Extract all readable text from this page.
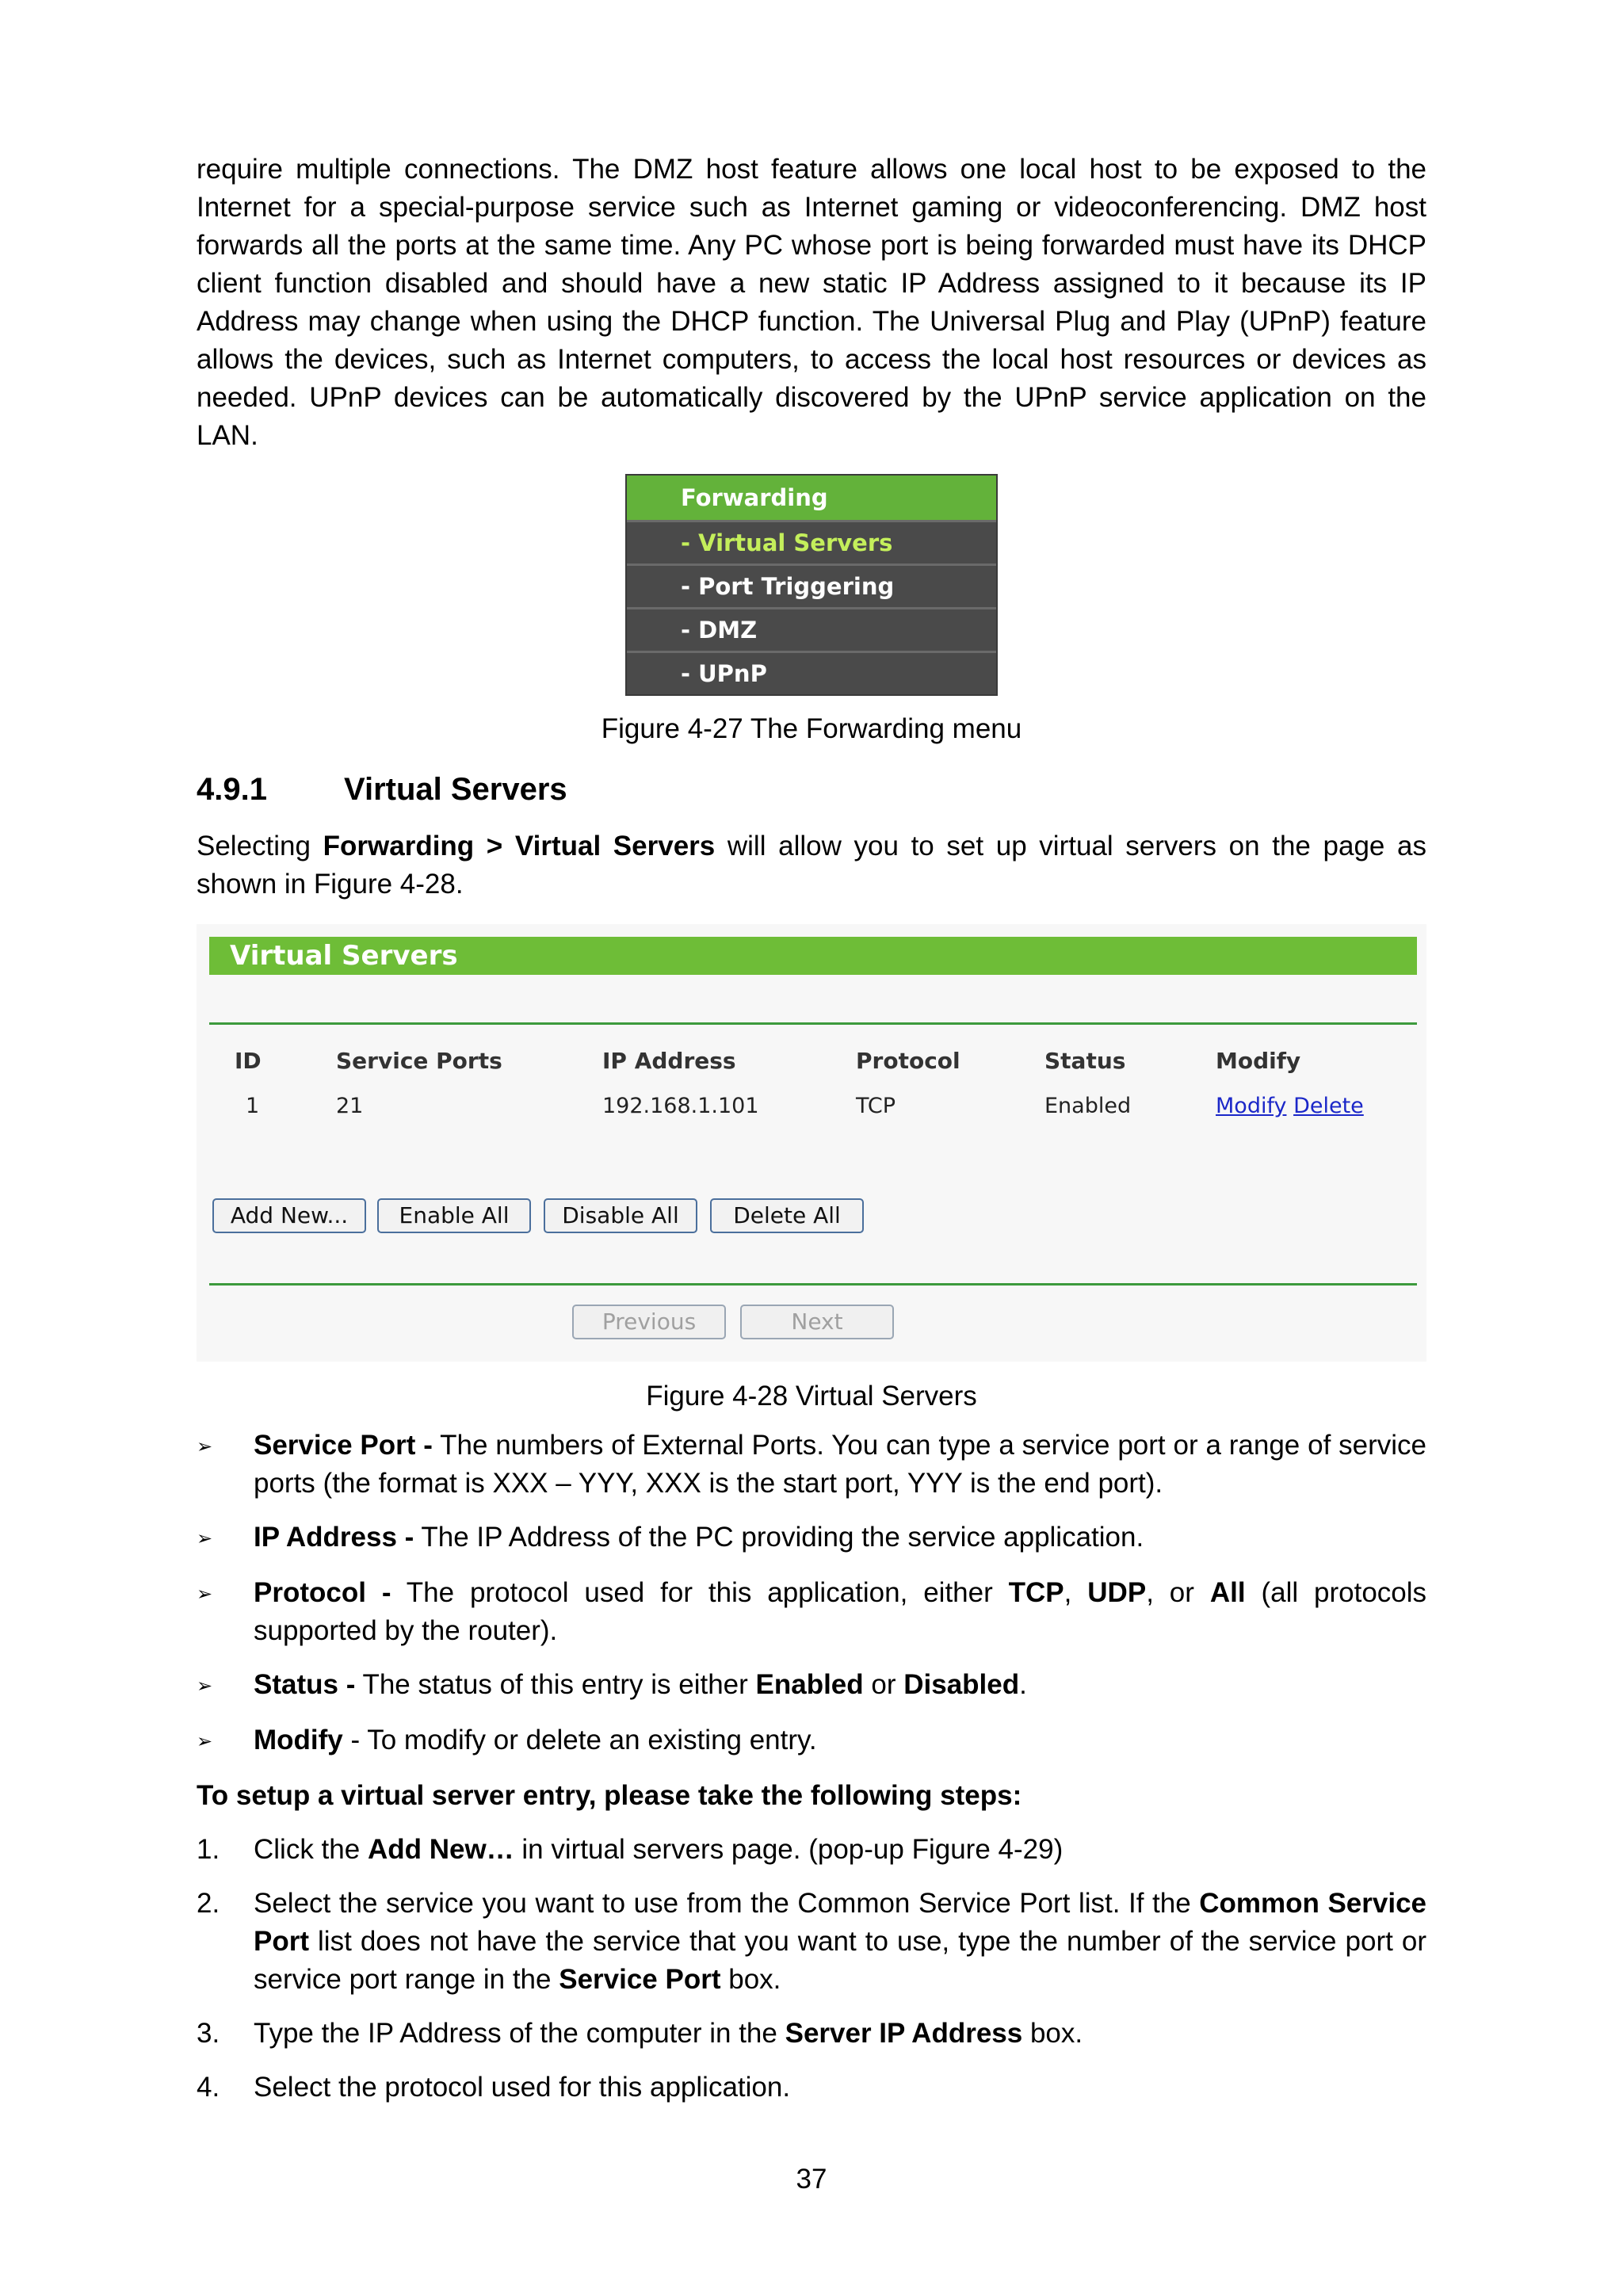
require multiple connections. The DMZ host feature allows one local host to be exposed to the Internet for a special-purpose service such as Internet gaming or videoconferencing. DMZ host forwards all the ports at the same time. Any PC whose port is being forwarded must have its DHCP client function disabled and should have a new static IP Address assigned to it because its IP Address may change when using the DHCP function. The Universal Plug and Play (UPnP) feature allows the devices, such as Internet computers, to access the local host resources or devices as needed. UPnP devices can be automatically discovered by the UPnP service application on the LAN.

Forwarding
- Virtual Servers
- Port Triggering
- DMZ
- UPnP

Figure 4-27 The Forwarding menu

4.9.1	Virtual Servers

Selecting Forwarding > Virtual Servers will allow you to set up virtual servers on the page as shown in Figure 4-28.

Virtual Servers
ID	Service Ports	IP Address	Protocol	Status	Modify
1	21	192.168.1.101	TCP	Enabled	Modify Delete
Add New...	Enable All	Disable All	Delete All
Previous	Next

Figure 4-28 Virtual Servers

➢	Service Port - The numbers of External Ports. You can type a service port or a range of service ports (the format is XXX – YYY, XXX is the start port, YYY is the end port).
➢	IP Address - The IP Address of the PC providing the service application.
➢	Protocol - The protocol used for this application, either TCP, UDP, or All (all protocols supported by the router).
➢	Status - The status of this entry is either Enabled or Disabled.
➢	Modify - To modify or delete an existing entry.

To setup a virtual server entry, please take the following steps:

1.	Click the Add New… in virtual servers page. (pop-up Figure 4-29)
2.	Select the service you want to use from the Common Service Port list. If the Common Service Port list does not have the service that you want to use, type the number of the service port or service port range in the Service Port box.
3.	Type the IP Address of the computer in the Server IP Address box.
4.	Select the protocol used for this application.
37
